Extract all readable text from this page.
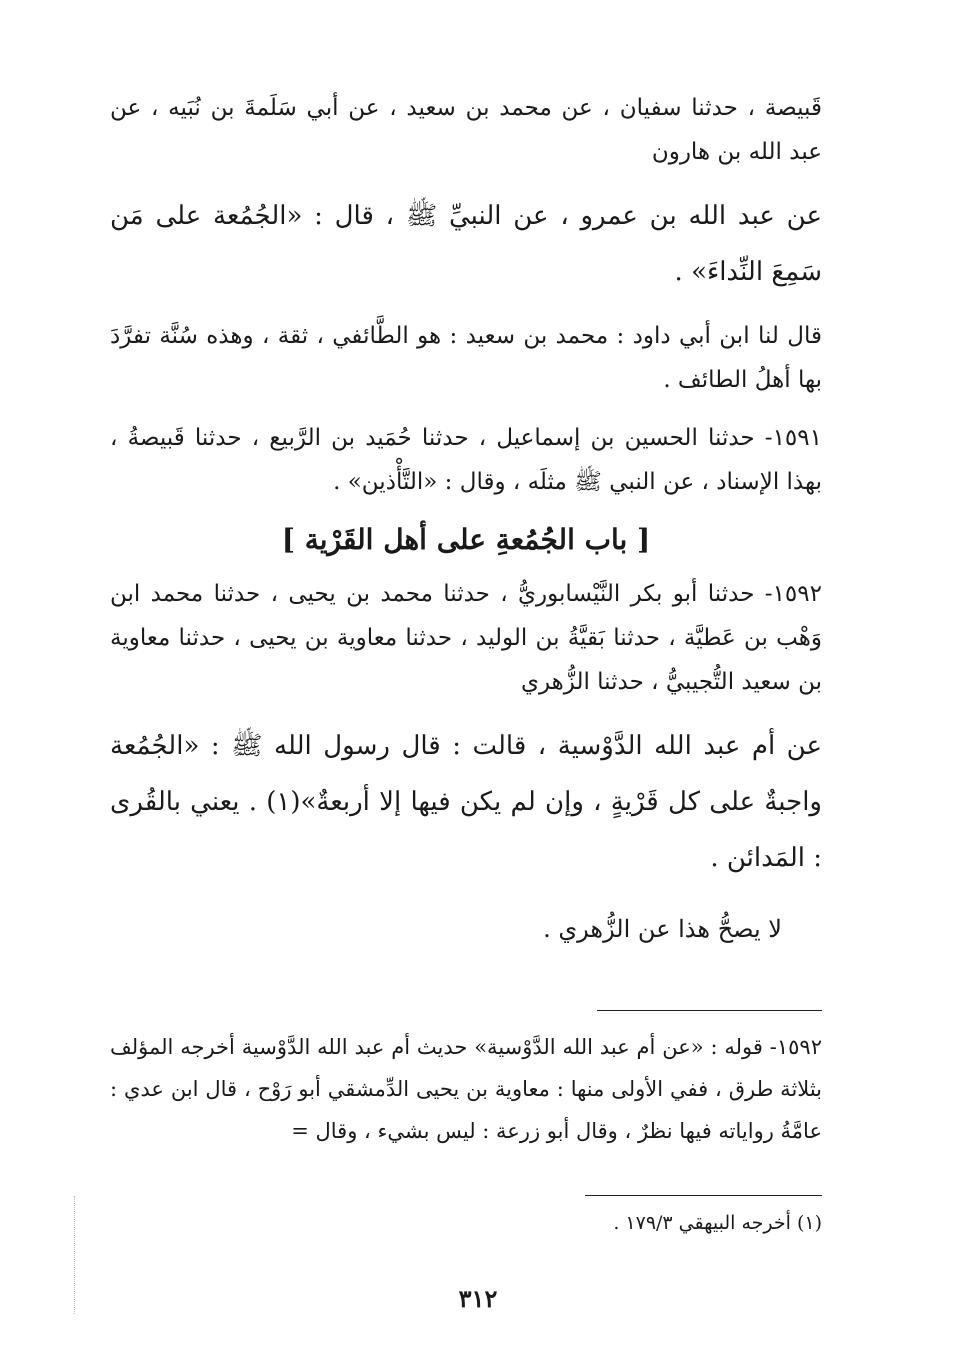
قَبيصة ، حدثنا سفيان ، عن محمد بن سعيد ، عن أبي سَلَمةَ بن نُبَيه ، عن عبد الله بن هارون

عن عبد الله بن عمرو ، عن النبيِّ ﷺ ، قال : «الجُمُعة على مَن سَمِعَ النِّداءَ» .

قال لنا ابن أبي داود : محمد بن سعيد : هو الطَّائفي ، ثقة ، وهذه سُنَّة تفرَّدَ بها أهلُ الطائف .

١٥٩١- حدثنا الحسين بن إسماعيل ، حدثنا حُمَيد بن الرَّبيع ، حدثنا قَبيصةُ ، بهذا الإسناد ، عن النبي ﷺ مثلَه ، وقال : «التَّأْذين» .

[ باب الجُمُعةِ على أهل القَرْية ]

١٥٩٢- حدثنا أبو بكر النَّيْسابوريُّ ، حدثنا محمد بن يحيى ، حدثنا محمد ابن وَهْب بن عَطيَّة ، حدثنا بَقيَّةُ بن الوليد ، حدثنا معاوية بن يحيى ، حدثنا معاوية بن سعيد التُّجيبيُّ ، حدثنا الزُّهري

عن أم عبد الله الدَّوْسية ، قالت : قال رسول الله ﷺ : «الجُمُعة واجبةٌ على كل قَرْيةٍ ، وإن لم يكن فيها إلا أربعةٌ»(١) . يعني بالقُرى : المَدائن .

لا يصحُّ هذا عن الزُّهري .

١٥٩٢- قوله : «عن أم عبد الله الدَّوْسية» حديث أم عبد الله الدَّوْسية أخرجه المؤلف بثلاثة طرق ، ففي الأولى منها : معاوية بن يحيى الدِّمشقي أبو رَوْح ، قال ابن عدي : عامَّةُ رواياته فيها نظرٌ ، وقال أبو زرعة : ليس بشيء ، وقال =

(١) أخرجه البيهقي ١٧٩/٣ .

٣١٢
